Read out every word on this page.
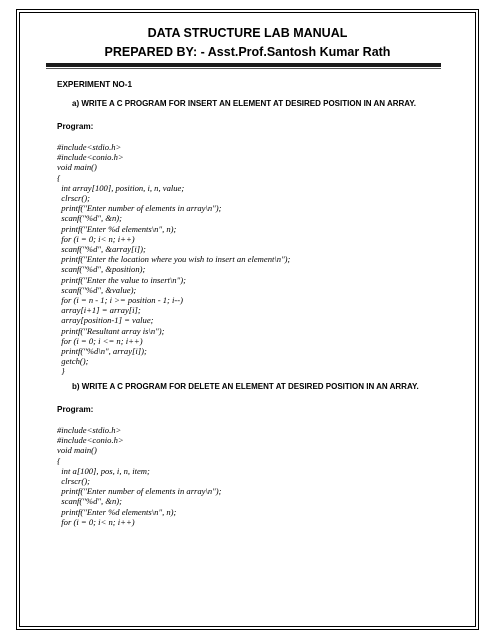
DATA STRUCTURE LAB MANUAL
PREPARED BY: - Asst.Prof.Santosh Kumar Rath
EXPERIMENT NO-1
a) WRITE A C PROGRAM FOR INSERT AN ELEMENT AT DESIRED POSITION IN AN ARRAY.
Program:
#include<stdio.h>
#include<conio.h>
void main()
{
int array[100], position, i, n, value;
clrscr();
printf("Enter number of elements in array\n");
scanf("%d", &n);
printf("Enter %d elements\n", n);
for (i = 0; i< n; i++)
scanf("%d", &array[i]);
printf("Enter the location where you wish to insert an element\n");
scanf("%d", &position);
printf("Enter the value to insert\n");
scanf("%d", &value);
for (i = n - 1; i >= position - 1; i--)
array[i+1] = array[i];
array[position-1] = value;
printf("Resultant array is\n");
for (i = 0; i <= n; i++)
printf("%d\n", array[i]);
getch();
}
b) WRITE A C PROGRAM FOR DELETE AN ELEMENT AT DESIRED POSITION IN AN ARRAY.
Program:
#include<stdio.h>
#include<conio.h>
void main()
{
int a[100], pos, i, n, item;
clrscr();
printf("Enter number of elements in array\n");
scanf("%d", &n);
printf("Enter %d elements\n", n);
for (i = 0; i< n; i++)
